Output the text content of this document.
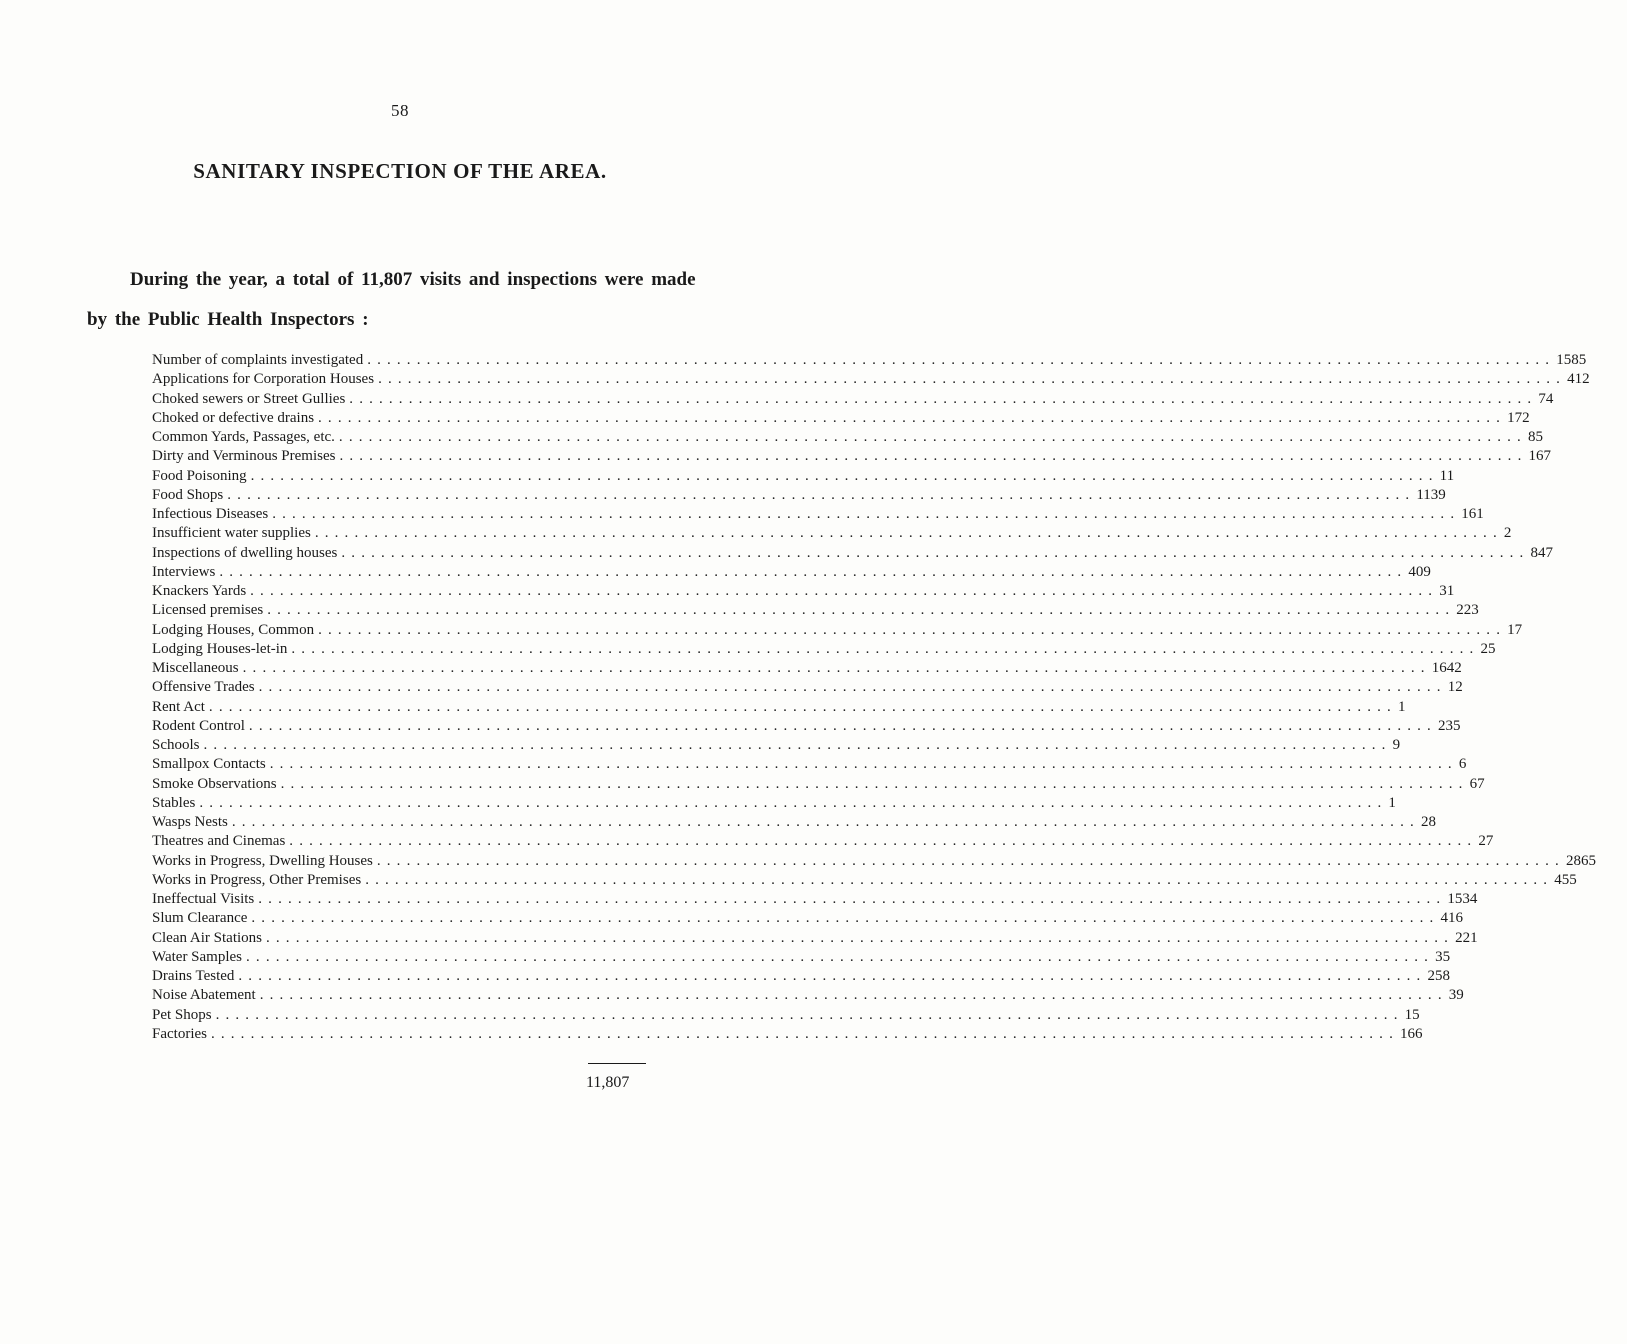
58
SANITARY INSPECTION OF THE AREA.
During the year, a total of 11,807 visits and inspections were made
by the Public Health Inspectors :
Number of complaints investigated . . . . . . . . . . . . . . . . . . . . . . . . . . . . . . . . . . . . . . . . . . . . . . . . . . . . . . . . . . . . . . . . . . . . . . . . . . . . . . . . . . . . . . . . . . . . . . . . . . . . . . . . . . . . . . . . . . . . . . . . 1585
Applications for Corporation Houses . . . . . . . . . . . . . . . . . . . . . . . . . . . . . . . . . . . . . . . . . . . . . . . . . . . . . . . . . . . . . . . . . . . . . . . . . . . . . . . . . . . . . . . . . . . . . . . . . . . . . . . . . . . . . . . . . . . . . . . . 412
Choked sewers or Street Gullies . . . . . . . . . . . . . . . . . . . . . . . . . . . . . . . . . . . . . . . . . . . . . . . . . . . . . . . . . . . . . . . . . . . . . . . . . . . . . . . . . . . . . . . . . . . . . . . . . . . . . . . . . . . . . . . . . . . . . . . . 74
Choked or defective drains . . . . . . . . . . . . . . . . . . . . . . . . . . . . . . . . . . . . . . . . . . . . . . . . . . . . . . . . . . . . . . . . . . . . . . . . . . . . . . . . . . . . . . . . . . . . . . . . . . . . . . . . . . . . . . . . . . . . . . . . 172
Common Yards, Passages, etc. . . . . . . . . . . . . . . . . . . . . . . . . . . . . . . . . . . . . . . . . . . . . . . . . . . . . . . . . . . . . . . . . . . . . . . . . . . . . . . . . . . . . . . . . . . . . . . . . . . . . . . . . . . . . . . . . . . . . . . . . 85
Dirty and Verminous Premises . . . . . . . . . . . . . . . . . . . . . . . . . . . . . . . . . . . . . . . . . . . . . . . . . . . . . . . . . . . . . . . . . . . . . . . . . . . . . . . . . . . . . . . . . . . . . . . . . . . . . . . . . . . . . . . . . . . . . . . . 167
Food Poisoning . . . . . . . . . . . . . . . . . . . . . . . . . . . . . . . . . . . . . . . . . . . . . . . . . . . . . . . . . . . . . . . . . . . . . . . . . . . . . . . . . . . . . . . . . . . . . . . . . . . . . . . . . . . . . . . . . . . . . . . . 11
Food Shops . . . . . . . . . . . . . . . . . . . . . . . . . . . . . . . . . . . . . . . . . . . . . . . . . . . . . . . . . . . . . . . . . . . . . . . . . . . . . . . . . . . . . . . . . . . . . . . . . . . . . . . . . . . . . . . . . . . . . . . . 1139
Infectious Diseases . . . . . . . . . . . . . . . . . . . . . . . . . . . . . . . . . . . . . . . . . . . . . . . . . . . . . . . . . . . . . . . . . . . . . . . . . . . . . . . . . . . . . . . . . . . . . . . . . . . . . . . . . . . . . . . . . . . . . . . . 161
Insufficient water supplies . . . . . . . . . . . . . . . . . . . . . . . . . . . . . . . . . . . . . . . . . . . . . . . . . . . . . . . . . . . . . . . . . . . . . . . . . . . . . . . . . . . . . . . . . . . . . . . . . . . . . . . . . . . . . . . . . . . . . . . . 2
Inspections of dwelling houses . . . . . . . . . . . . . . . . . . . . . . . . . . . . . . . . . . . . . . . . . . . . . . . . . . . . . . . . . . . . . . . . . . . . . . . . . . . . . . . . . . . . . . . . . . . . . . . . . . . . . . . . . . . . . . . . . . . . . . . . 847
Interviews . . . . . . . . . . . . . . . . . . . . . . . . . . . . . . . . . . . . . . . . . . . . . . . . . . . . . . . . . . . . . . . . . . . . . . . . . . . . . . . . . . . . . . . . . . . . . . . . . . . . . . . . . . . . . . . . . . . . . . . . 409
Knackers Yards . . . . . . . . . . . . . . . . . . . . . . . . . . . . . . . . . . . . . . . . . . . . . . . . . . . . . . . . . . . . . . . . . . . . . . . . . . . . . . . . . . . . . . . . . . . . . . . . . . . . . . . . . . . . . . . . . . . . . . . . 31
Licensed premises . . . . . . . . . . . . . . . . . . . . . . . . . . . . . . . . . . . . . . . . . . . . . . . . . . . . . . . . . . . . . . . . . . . . . . . . . . . . . . . . . . . . . . . . . . . . . . . . . . . . . . . . . . . . . . . . . . . . . . . . 223
Lodging Houses, Common . . . . . . . . . . . . . . . . . . . . . . . . . . . . . . . . . . . . . . . . . . . . . . . . . . . . . . . . . . . . . . . . . . . . . . . . . . . . . . . . . . . . . . . . . . . . . . . . . . . . . . . . . . . . . . . . . . . . . . . . 17
Lodging Houses-let-in . . . . . . . . . . . . . . . . . . . . . . . . . . . . . . . . . . . . . . . . . . . . . . . . . . . . . . . . . . . . . . . . . . . . . . . . . . . . . . . . . . . . . . . . . . . . . . . . . . . . . . . . . . . . . . . . . . . . . . . . 25
Miscellaneous . . . . . . . . . . . . . . . . . . . . . . . . . . . . . . . . . . . . . . . . . . . . . . . . . . . . . . . . . . . . . . . . . . . . . . . . . . . . . . . . . . . . . . . . . . . . . . . . . . . . . . . . . . . . . . . . . . . . . . . . 1642
Offensive Trades . . . . . . . . . . . . . . . . . . . . . . . . . . . . . . . . . . . . . . . . . . . . . . . . . . . . . . . . . . . . . . . . . . . . . . . . . . . . . . . . . . . . . . . . . . . . . . . . . . . . . . . . . . . . . . . . . . . . . . . . 12
Rent Act . . . . . . . . . . . . . . . . . . . . . . . . . . . . . . . . . . . . . . . . . . . . . . . . . . . . . . . . . . . . . . . . . . . . . . . . . . . . . . . . . . . . . . . . . . . . . . . . . . . . . . . . . . . . . . . . . . . . . . . . 1
Rodent Control . . . . . . . . . . . . . . . . . . . . . . . . . . . . . . . . . . . . . . . . . . . . . . . . . . . . . . . . . . . . . . . . . . . . . . . . . . . . . . . . . . . . . . . . . . . . . . . . . . . . . . . . . . . . . . . . . . . . . . . . 235
Schools . . . . . . . . . . . . . . . . . . . . . . . . . . . . . . . . . . . . . . . . . . . . . . . . . . . . . . . . . . . . . . . . . . . . . . . . . . . . . . . . . . . . . . . . . . . . . . . . . . . . . . . . . . . . . . . . . . . . . . . . 9
Smallpox Contacts . . . . . . . . . . . . . . . . . . . . . . . . . . . . . . . . . . . . . . . . . . . . . . . . . . . . . . . . . . . . . . . . . . . . . . . . . . . . . . . . . . . . . . . . . . . . . . . . . . . . . . . . . . . . . . . . . . . . . . . . 6
Smoke Observations . . . . . . . . . . . . . . . . . . . . . . . . . . . . . . . . . . . . . . . . . . . . . . . . . . . . . . . . . . . . . . . . . . . . . . . . . . . . . . . . . . . . . . . . . . . . . . . . . . . . . . . . . . . . . . . . . . . . . . . . 67
Stables . . . . . . . . . . . . . . . . . . . . . . . . . . . . . . . . . . . . . . . . . . . . . . . . . . . . . . . . . . . . . . . . . . . . . . . . . . . . . . . . . . . . . . . . . . . . . . . . . . . . . . . . . . . . . . . . . . . . . . . . 1
Wasps Nests . . . . . . . . . . . . . . . . . . . . . . . . . . . . . . . . . . . . . . . . . . . . . . . . . . . . . . . . . . . . . . . . . . . . . . . . . . . . . . . . . . . . . . . . . . . . . . . . . . . . . . . . . . . . . . . . . . . . . . . . 28
Theatres and Cinemas . . . . . . . . . . . . . . . . . . . . . . . . . . . . . . . . . . . . . . . . . . . . . . . . . . . . . . . . . . . . . . . . . . . . . . . . . . . . . . . . . . . . . . . . . . . . . . . . . . . . . . . . . . . . . . . . . . . . . . . . 27
Works in Progress, Dwelling Houses . . . . . . . . . . . . . . . . . . . . . . . . . . . . . . . . . . . . . . . . . . . . . . . . . . . . . . . . . . . . . . . . . . . . . . . . . . . . . . . . . . . . . . . . . . . . . . . . . . . . . . . . . . . . . . . . . . . . . . . . 2865
Works in Progress, Other Premises . . . . . . . . . . . . . . . . . . . . . . . . . . . . . . . . . . . . . . . . . . . . . . . . . . . . . . . . . . . . . . . . . . . . . . . . . . . . . . . . . . . . . . . . . . . . . . . . . . . . . . . . . . . . . . . . . . . . . . . . 455
Ineffectual Visits . . . . . . . . . . . . . . . . . . . . . . . . . . . . . . . . . . . . . . . . . . . . . . . . . . . . . . . . . . . . . . . . . . . . . . . . . . . . . . . . . . . . . . . . . . . . . . . . . . . . . . . . . . . . . . . . . . . . . . . . 1534
Slum Clearance . . . . . . . . . . . . . . . . . . . . . . . . . . . . . . . . . . . . . . . . . . . . . . . . . . . . . . . . . . . . . . . . . . . . . . . . . . . . . . . . . . . . . . . . . . . . . . . . . . . . . . . . . . . . . . . . . . . . . . . . 416
Clean Air Stations . . . . . . . . . . . . . . . . . . . . . . . . . . . . . . . . . . . . . . . . . . . . . . . . . . . . . . . . . . . . . . . . . . . . . . . . . . . . . . . . . . . . . . . . . . . . . . . . . . . . . . . . . . . . . . . . . . . . . . . . 221
Water Samples . . . . . . . . . . . . . . . . . . . . . . . . . . . . . . . . . . . . . . . . . . . . . . . . . . . . . . . . . . . . . . . . . . . . . . . . . . . . . . . . . . . . . . . . . . . . . . . . . . . . . . . . . . . . . . . . . . . . . . . . 35
Drains Tested . . . . . . . . . . . . . . . . . . . . . . . . . . . . . . . . . . . . . . . . . . . . . . . . . . . . . . . . . . . . . . . . . . . . . . . . . . . . . . . . . . . . . . . . . . . . . . . . . . . . . . . . . . . . . . . . . . . . . . . . 258
Noise Abatement . . . . . . . . . . . . . . . . . . . . . . . . . . . . . . . . . . . . . . . . . . . . . . . . . . . . . . . . . . . . . . . . . . . . . . . . . . . . . . . . . . . . . . . . . . . . . . . . . . . . . . . . . . . . . . . . . . . . . . . . 39
Pet Shops . . . . . . . . . . . . . . . . . . . . . . . . . . . . . . . . . . . . . . . . . . . . . . . . . . . . . . . . . . . . . . . . . . . . . . . . . . . . . . . . . . . . . . . . . . . . . . . . . . . . . . . . . . . . . . . . . . . . . . . . 15
Factories . . . . . . . . . . . . . . . . . . . . . . . . . . . . . . . . . . . . . . . . . . . . . . . . . . . . . . . . . . . . . . . . . . . . . . . . . . . . . . . . . . . . . . . . . . . . . . . . . . . . . . . . . . . . . . . . . . . . . . . . 166
11,807
